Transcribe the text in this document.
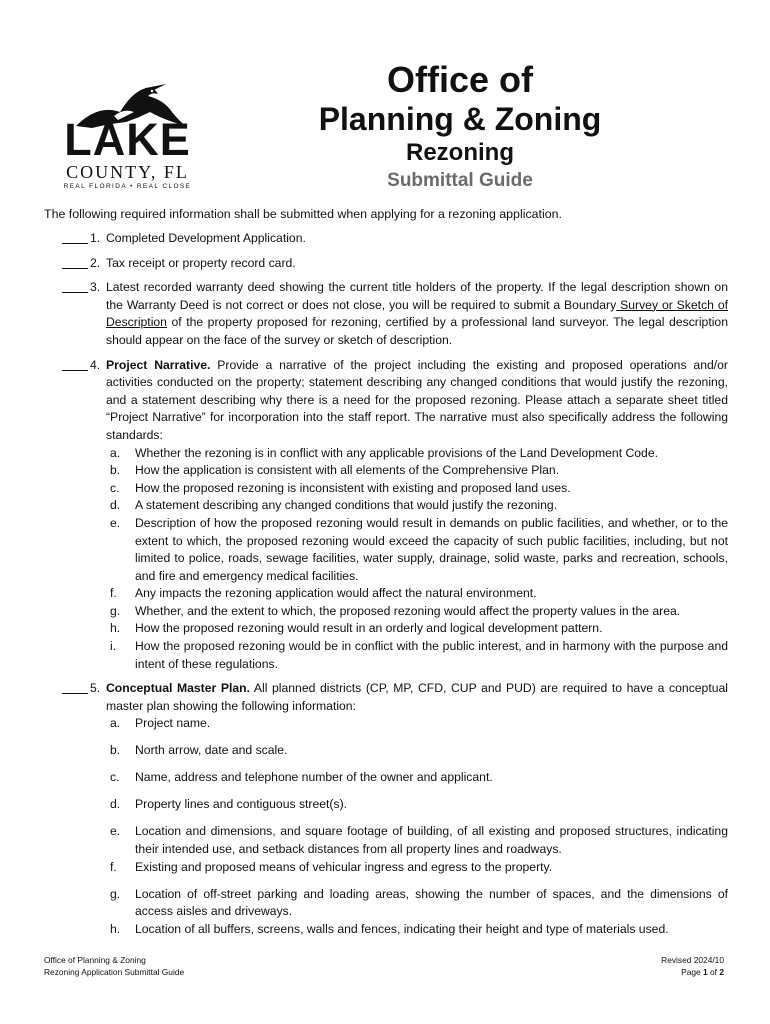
LAKE
COUNTY, FL
REAL FLORIDA • REAL CLOSE
Office of
Planning & Zoning
Rezoning
Submittal Guide
The following required information shall be submitted when applying for a rezoning application.
1. Completed Development Application.

2. Tax receipt or property record card.

3. Latest recorded warranty deed showing the current title holders of the property. If the legal description shown on the Warranty Deed is not correct or does not close, you will be required to submit a Boundary Survey or Sketch of Description of the property proposed for rezoning, certified by a professional land surveyor. The legal description should appear on the face of the survey or sketch of description.

4. Project Narrative. Provide a narrative of the project including the existing and proposed operations and/or activities conducted on the property; statement describing any changed conditions that would justify the rezoning, and a statement describing why there is a need for the proposed rezoning. Please attach a separate sheet titled “Project Narrative” for incorporation into the staff report. The narrative must also specifically address the following standards:

a. Whether the rezoning is in conflict with any applicable provisions of the Land Development Code.
b. How the application is consistent with all elements of the Comprehensive Plan.
c. How the proposed rezoning is inconsistent with existing and proposed land uses.
d. A statement describing any changed conditions that would justify the rezoning.
e. Description of how the proposed rezoning would result in demands on public facilities, and whether, or to the extent to which, the proposed rezoning would exceed the capacity of such public facilities, including, but not limited to police, roads, sewage facilities, water supply, drainage, solid waste, parks and recreation, schools, and fire and emergency medical facilities.
f. Any impacts the rezoning application would affect the natural environment.
g. Whether, and the extent to which, the proposed rezoning would affect the property values in the area.
h. How the proposed rezoning would result in an orderly and logical development pattern.
i. How the proposed rezoning would be in conflict with the public interest, and in harmony with the purpose and intent of these regulations.
5. Conceptual Master Plan. All planned districts (CP, MP, CFD, CUP and PUD) are required to have a conceptual master plan showing the following information:

a. Project name.
b. North arrow, date and scale.
c. Name, address and telephone number of the owner and applicant.
d. Property lines and contiguous street(s).
e. Location and dimensions, and square footage of building, of all existing and proposed structures, indicating their intended use, and setback distances from all property lines and roadways.
f. Existing and proposed means of vehicular ingress and egress to the property.
g. Location of off-street parking and loading areas, showing the number of spaces, and the dimensions of access aisles and driveways.
h. Location of all buffers, screens, walls and fences, indicating their height and type of materials used.
Office of Planning & Zoning
Rezoning Application Submittal Guide
Revised 2024/10
Page 1 of 2
